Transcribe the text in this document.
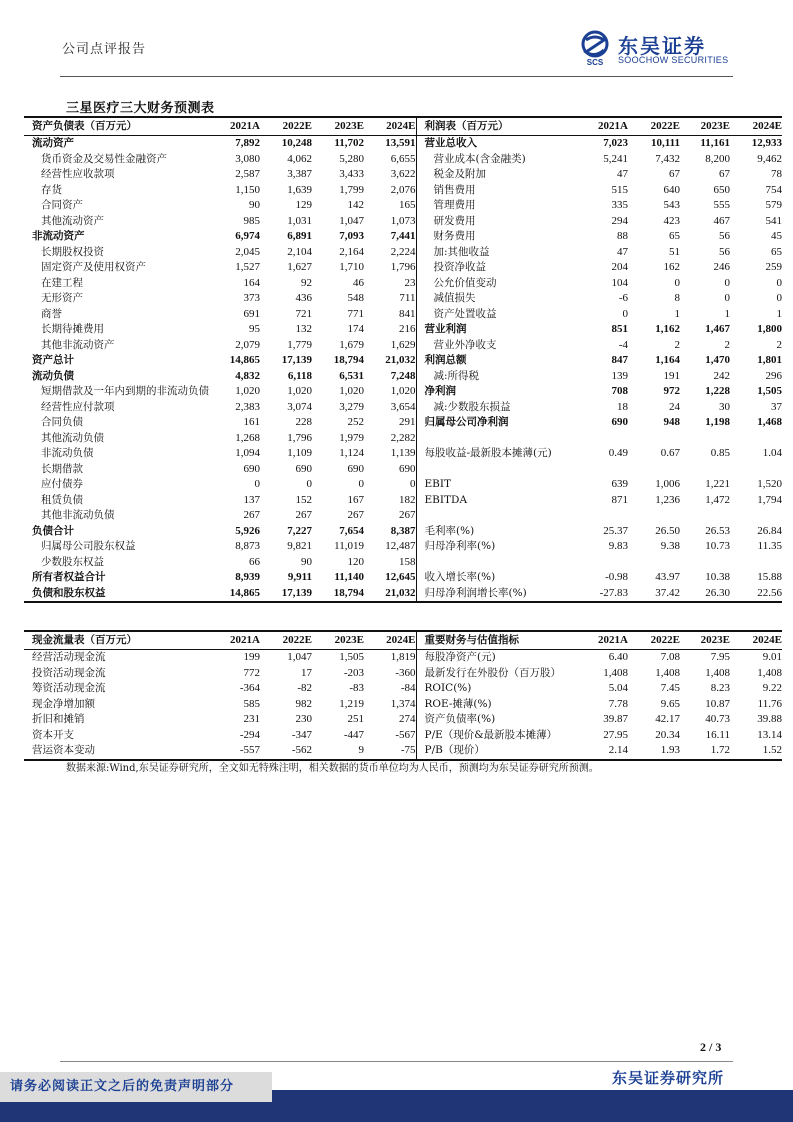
公司点评报告
SCS
东吴证券
SOOCHOW SECURITIES
三星医疗三大财务预测表
资产负债表（百万元）	2021A	2022E	2023E	2024E	利润表（百万元）	2021A	2022E	2023E	2024E
流动资产	7,892	10,248	11,702	13,591	营业总收入	7,023	10,111	11,161	12,933
货币资金及交易性金融资产	3,080	4,062	5,280	6,655	营业成本(含金融类)	5,241	7,432	8,200	9,462
经营性应收款项	2,587	3,387	3,433	3,622	税金及附加	47	67	67	78
存货	1,150	1,639	1,799	2,076	销售费用	515	640	650	754
合同资产	90	129	142	165	管理费用	335	543	555	579
其他流动资产	985	1,031	1,047	1,073	研发费用	294	423	467	541
非流动资产	6,974	6,891	7,093	7,441	财务费用	88	65	56	45
长期股权投资	2,045	2,104	2,164	2,224	加:其他收益	47	51	56	65
固定资产及使用权资产	1,527	1,627	1,710	1,796	投资净收益	204	162	246	259
在建工程	164	92	46	23	公允价值变动	104	0	0	0
无形资产	373	436	548	711	减值损失	-6	8	0	0
商誉	691	721	771	841	资产处置收益	0	1	1	1
长期待摊费用	95	132	174	216	营业利润	851	1,162	1,467	1,800
其他非流动资产	2,079	1,779	1,679	1,629	营业外净收支	-4	2	2	2
资产总计	14,865	17,139	18,794	21,032	利润总额	847	1,164	1,470	1,801
流动负债	4,832	6,118	6,531	7,248	减:所得税	139	191	242	296
短期借款及一年内到期的非流动负债	1,020	1,020	1,020	1,020	净利润	708	972	1,228	1,505
经营性应付款项	2,383	3,074	3,279	3,654	减:少数股东损益	18	24	30	37
合同负债	161	228	252	291	归属母公司净利润	690	948	1,198	1,468
其他流动负债	1,268	1,796	1,979	2,282					
非流动负债	1,094	1,109	1,124	1,139	每股收益-最新股本摊薄(元)	0.49	0.67	0.85	1.04
长期借款	690	690	690	690					
应付债券	0	0	0	0	EBIT	639	1,006	1,221	1,520
租赁负债	137	152	167	182	EBITDA	871	1,236	1,472	1,794
其他非流动负债	267	267	267	267					
负债合计	5,926	7,227	7,654	8,387	毛利率(%)	25.37	26.50	26.53	26.84
归属母公司股东权益	8,873	9,821	11,019	12,487	归母净利率(%)	9.83	9.38	10.73	11.35
少数股东权益	66	90	120	158					
所有者权益合计	8,939	9,911	11,140	12,645	收入增长率(%)	-0.98	43.97	10.38	15.88
负债和股东权益	14,865	17,139	18,794	21,032	归母净利润增长率(%)	-27.83	37.42	26.30	22.56
现金流量表（百万元）	2021A	2022E	2023E	2024E	重要财务与估值指标	2021A	2022E	2023E	2024E
经营活动现金流	199	1,047	1,505	1,819	每股净资产(元)	6.40	7.08	7.95	9.01
投资活动现金流	772	17	-203	-360	最新发行在外股份（百万股）	1,408	1,408	1,408	1,408
筹资活动现金流	-364	-82	-83	-84	ROIC(%)	5.04	7.45	8.23	9.22
现金净增加额	585	982	1,219	1,374	ROE-摊薄(%)	7.78	9.65	10.87	11.76
折旧和摊销	231	230	251	274	资产负债率(%)	39.87	42.17	40.73	39.88
资本开支	-294	-347	-447	-567	P/E（现价&最新股本摊薄）	27.95	20.34	16.11	13.14
营运资本变动	-557	-562	9	-75	P/B（现价）	2.14	1.93	1.72	1.52
数据来源:Wind,东吴证券研究所，全文如无特殊注明，相关数据的货币单位均为人民币，预测均为东吴证券研究所预测。
2 / 3
东吴证券研究所
请务必阅读正文之后的免责声明部分
